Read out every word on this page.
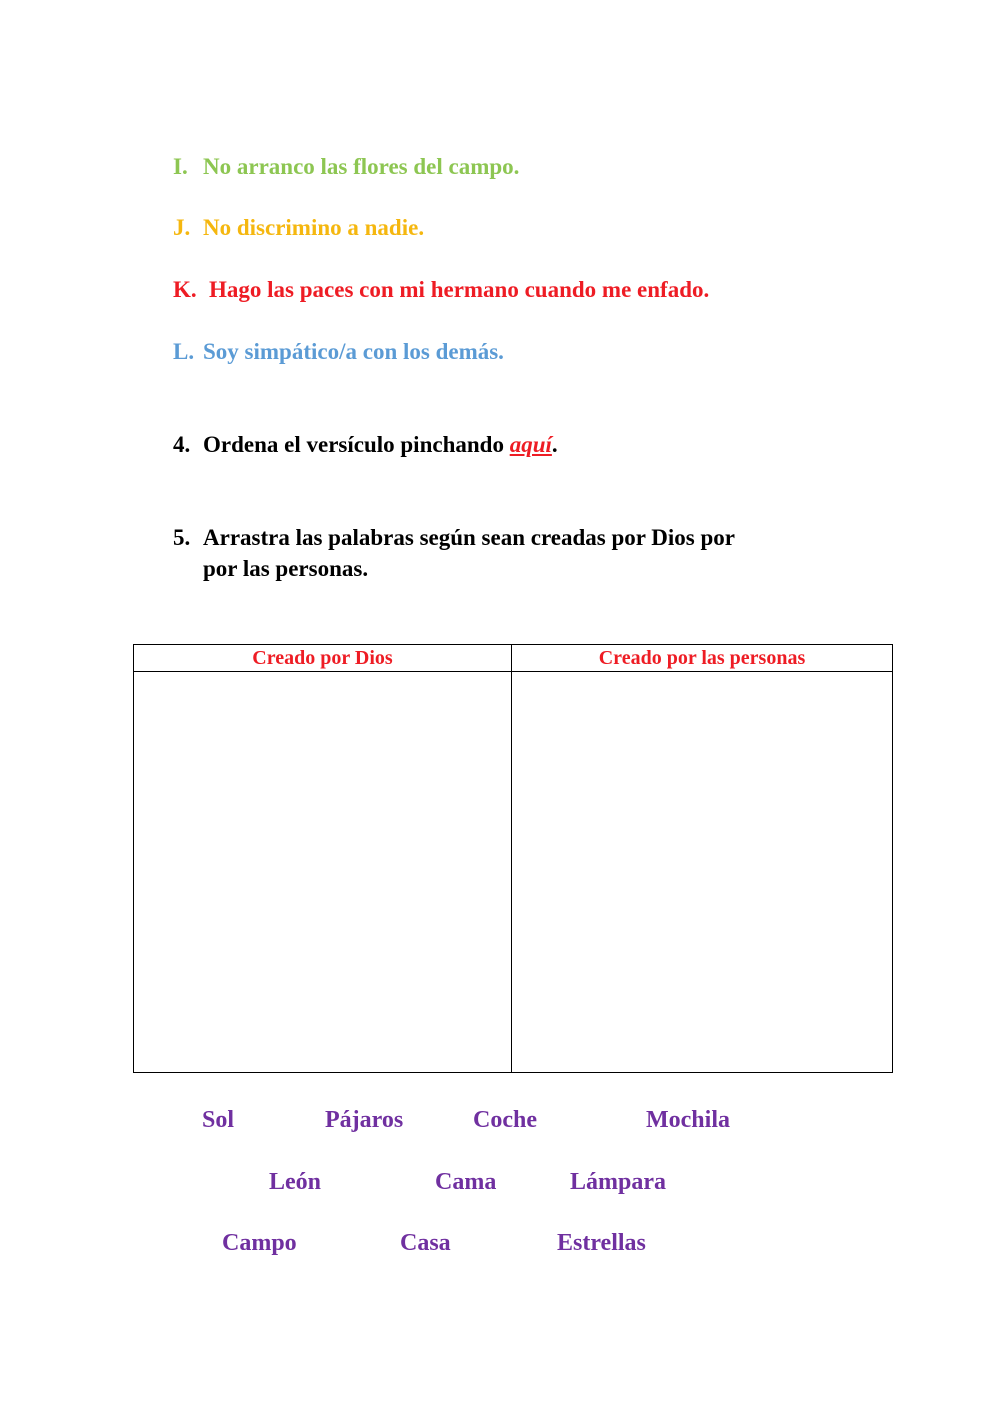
I. No arranco las flores del campo.
J. No discrimino a nadie.
K. Hago las paces con mi hermano cuando me enfado.
L. Soy simpático/a con los demás.
4. Ordena el versículo pinchando aquí.
5. Arrastra las palabras según sean creadas por Dios por
por las personas.
Creado por Dios	Creado por las personas

Sol	Pájaros	Coche	Mochila
León	Cama	Lámpara
Campo	Casa	Estrellas
